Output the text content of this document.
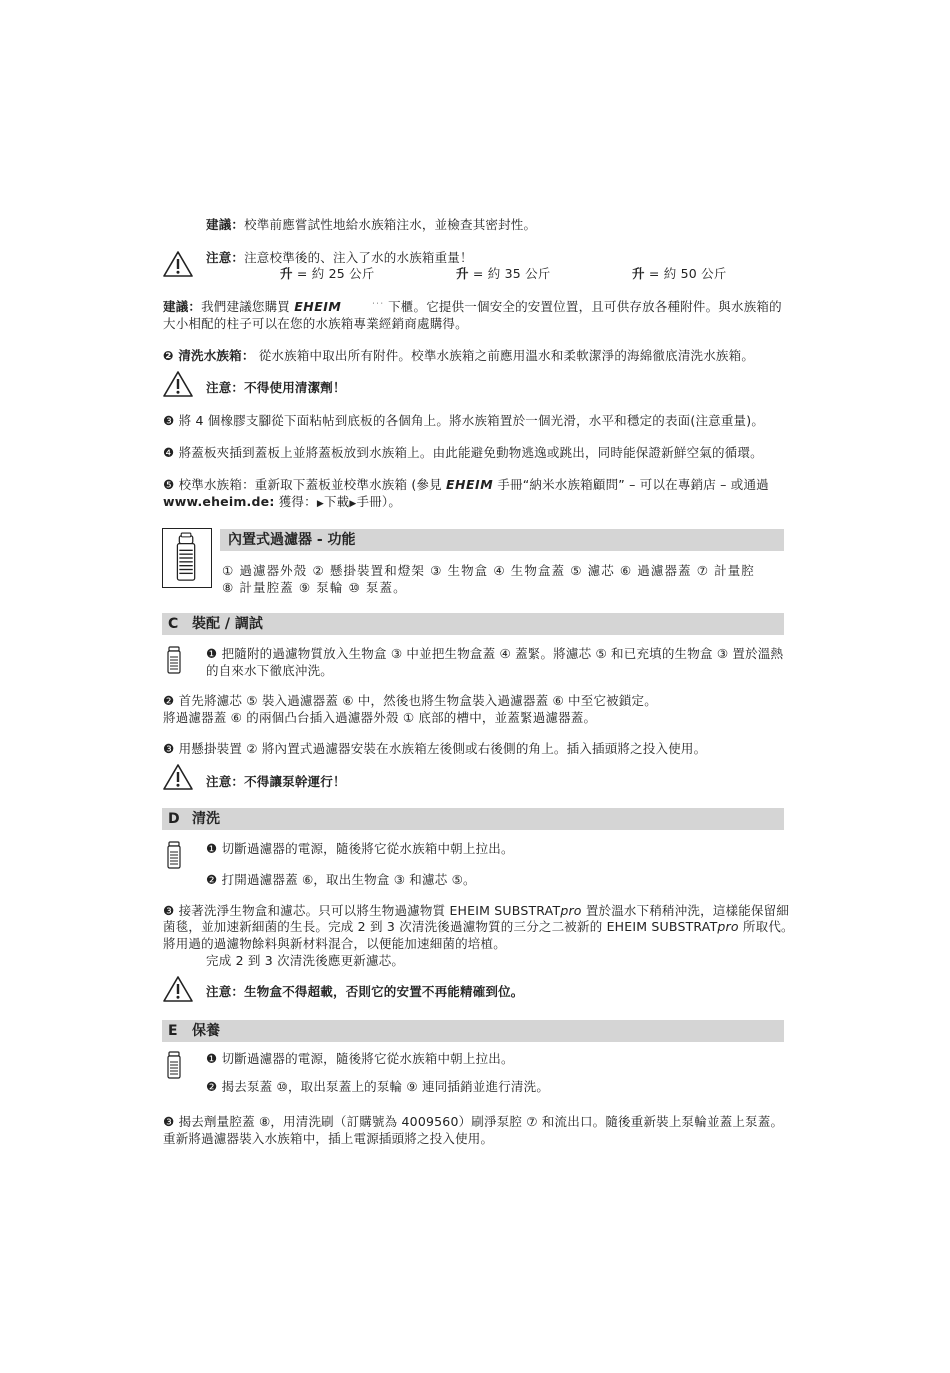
建議：校準前應嘗試性地給水族箱注水，並檢查其密封性。
注意：注意校準後的、注入了水的水族箱重量！
升 = 約 25 公斤	升 = 約 35 公斤	升 = 約 50 公斤
建議：我們建議您購買 EHEIM	˙˙˙ 下櫃。它提供一個安全的安置位置，且可供存放各種附件。與水族箱的
大小相配的柱子可以在您的水族箱專業經銷商處購得。
❷ 清洗水族箱： 從水族箱中取出所有附件。校準水族箱之前應用溫水和柔軟潔淨的海綿徹底清洗水族箱。
注意：不得使用清潔劑！
❸ 將 4 個橡膠支腳從下面粘帖到底板的各個角上。將水族箱置於一個光滑，水平和穩定的表面(注意重量)。
❹ 將蓋板夾插到蓋板上並將蓋板放到水族箱上。由此能避免動物逃逸或跳出，同時能保證新鮮空氣的循環。
❺ 校準水族箱：重新取下蓋板並校準水族箱 (參見 EHEIM 手冊“納米水族箱顧問” – 可以在專銷店 – 或通過
www.eheim.de: 獲得：▶下載▶手冊）。
內置式過濾器 - 功能
① 過濾器外殼 ② 懸掛裝置和燈架 ③ 生物盒 ④ 生物盒蓋 ⑤ 濾芯 ⑥ 過濾器蓋 ⑦ 計量腔
⑧ 計量腔蓋 ⑨ 泵輪 ⑩ 泵蓋。
C 裝配 / 調試
❶ 把隨附的過濾物質放入生物盒 ③ 中並把生物盒蓋 ④ 蓋緊。將濾芯 ⑤ 和已充填的生物盒 ③ 置於溫熱
的自來水下徹底沖洗。
❷ 首先將濾芯 ⑤ 裝入過濾器蓋 ⑥ 中，然後也將生物盒裝入過濾器蓋 ⑥ 中至它被鎖定。
將過濾器蓋 ⑥ 的兩個凸台插入過濾器外殼 ① 底部的槽中，並蓋緊過濾器蓋。
❸ 用懸掛裝置 ② 將內置式過濾器安裝在水族箱左後側或右後側的角上。插入插頭將之投入使用。
注意：不得讓泵幹運行！
D 清洗
❶ 切斷過濾器的電源，隨後將它從水族箱中朝上拉出。
❷ 打開過濾器蓋 ⑥，取出生物盒 ③ 和濾芯 ⑤。
❸ 接著洗淨生物盒和濾芯。只可以將生物過濾物質 EHEIM SUBSTRATpro 置於溫水下稍稍沖洗，這樣能保留細
菌毯，並加速新細菌的生長。完成 2 到 3 次清洗後過濾物質的三分之二被新的 EHEIM SUBSTRATpro 所取代。
將用過的過濾物餘料與新材料混合，以便能加速細菌的培植。
完成 2 到 3 次清洗後應更新濾芯。
注意：生物盒不得超載，否則它的安置不再能精確到位。
E 保養
❶ 切斷過濾器的電源，隨後將它從水族箱中朝上拉出。
❷ 揭去泵蓋 ⑩，取出泵蓋上的泵輪 ⑨ 連同插銷並進行清洗。
❸ 揭去劑量腔蓋 ⑧，用清洗刷（訂購號為 4009560）刷淨泵腔 ⑦ 和流出口。隨後重新裝上泵輪並蓋上泵蓋。
重新將過濾器裝入水族箱中，插上電源插頭將之投入使用。
